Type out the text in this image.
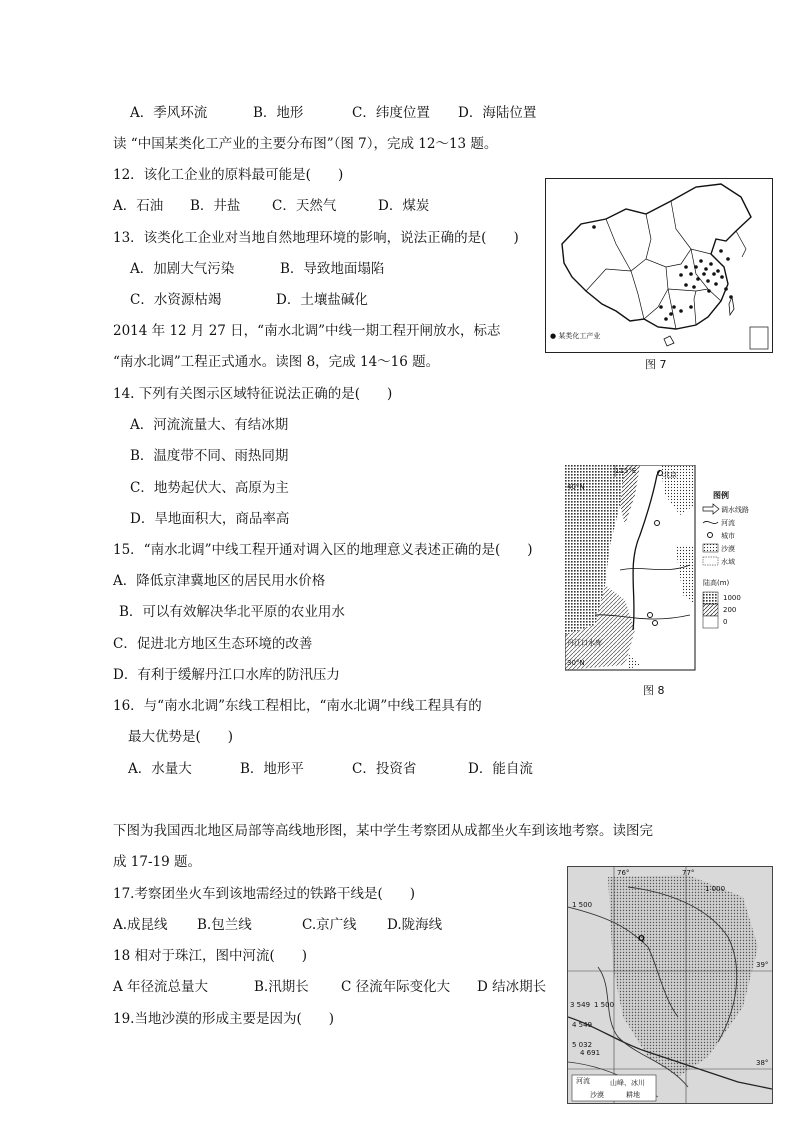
A．季风环流	B．地形	C．纬度位置 D．海陆位置
读 “中国某类化工产业的主要分布图”（图 7），完成 12～13 题。
12．该化工企业的原料最可能是(　　)
A．石油 B．井盐 C．天然气	D．煤炭
13．该类化工企业对当地自然地理环境的影响，说法正确的是(　　)
A．加剧大气污染	B．导致地面塌陷
C．水资源枯竭	D．土壤盐碱化
2014 年 12 月 27 日，“南水北调”中线一期工程开闸放水，标志
“南水北调”工程正式通水。读图 8，完成 14～16 题。
14. 下列有关图示区域特征说法正确的是(　　)
A．河流流量大、有结冰期
B．温度带不同、雨热同期
C．地势起伏大、高原为主
D．旱地面积大，商品率高
15．“南水北调”中线工程开通对调入区的地理意义表述正确的是(　　)
A．降低京津冀地区的居民用水价格
B．可以有效解决华北平原的农业用水
C．促进北方地区生态环境的改善
D．有利于缓解丹江口水库的防汛压力
16．与“南水北调”东线工程相比，“南水北调”中线工程具有的
最大优势是(　　)
A．水量大	B．地形平	C．投资省	D．能自流
下图为我国西北地区局部等高线地形图，某中学生考察团从成都坐火车到该地考察。读图完
成 17-19 题。
17.考察团坐火车到该地需经过的铁路干线是(　　)
A.成昆线 B.包兰线	C.京广线 D.陇海线
18 相对于珠江，图中河流(　　)
A 年径流总量大	B.汛期长 C 径流年际变化大 D 结冰期长
19.当地沙漠的形成主要是因为(　　)
● 某类化工产业
图 7
115°E
40°N
30°N
丹江口水库
北京
图例
调水线路
河流
城市
沙漠
水域
陆高(m)
1000
200
0
图 8
76°	77°
39°
38°
1 500
1 000
1 500
Q
4 691
5 032
4 549
3 549
河流	山峰、冰川
沙漠	耕地
